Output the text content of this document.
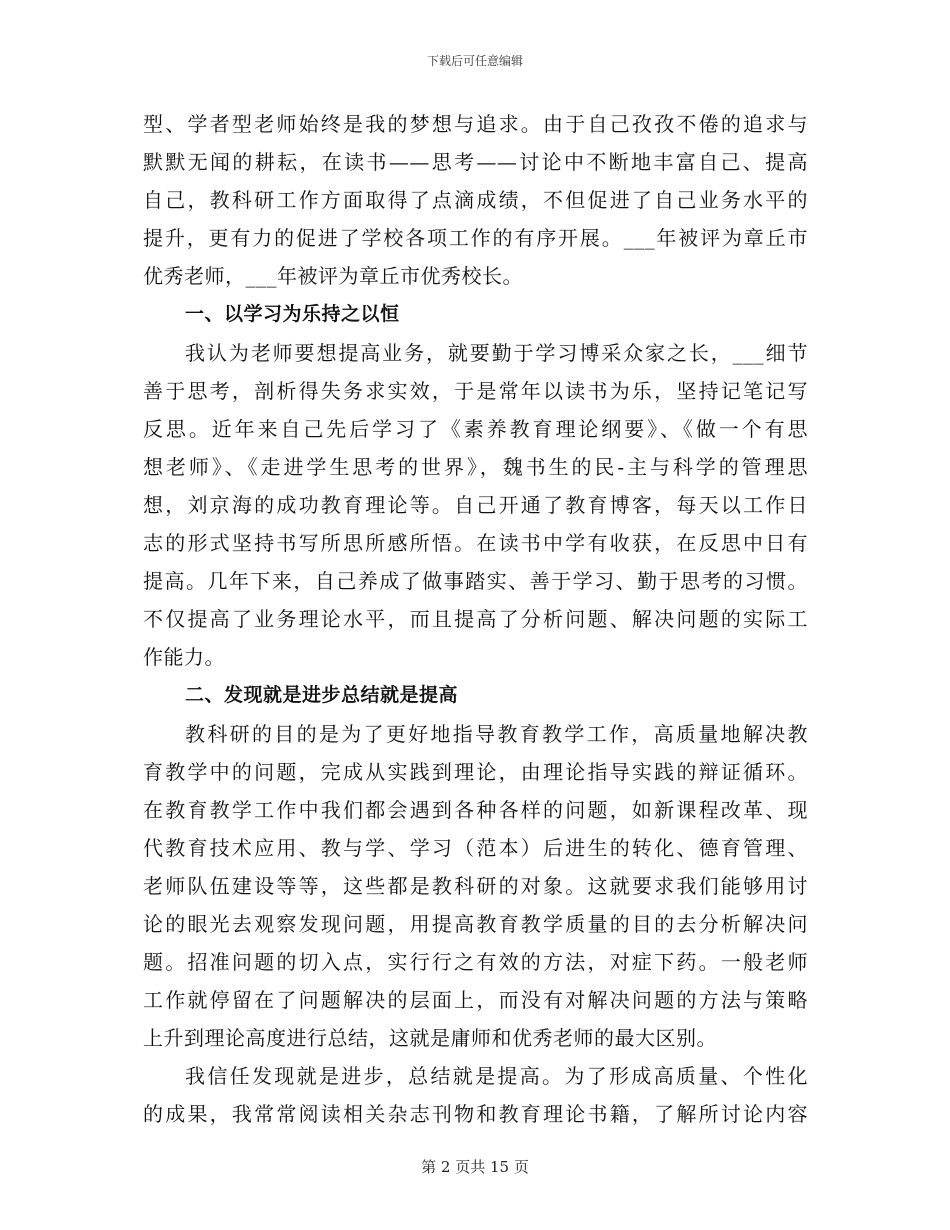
下载后可任意编辑
型、学者型老师始终是我的梦想与追求。由于自己孜孜不倦的追求与
默默无闻的耕耘，在读书——思考——讨论中不断地丰富自己、提高
自己，教科研工作方面取得了点滴成绩，不但促进了自己业务水平的
提升，更有力的促进了学校各项工作的有序开展。___年被评为章丘市
优秀老师，___年被评为章丘市优秀校长。
一、以学习为乐持之以恒
我认为老师要想提高业务，就要勤于学习博采众家之长，___细节
善于思考，剖析得失务求实效，于是常年以读书为乐，坚持记笔记写
反思。近年来自己先后学习了《素养教育理论纲要》、《做一个有思
想老师》、《走进学生思考的世界》，魏书生的民-主与科学的管理思
想，刘京海的成功教育理论等。自己开通了教育博客，每天以工作日
志的形式坚持书写所思所感所悟。在读书中学有收获，在反思中日有
提高。几年下来，自己养成了做事踏实、善于学习、勤于思考的习惯。
不仅提高了业务理论水平，而且提高了分析问题、解决问题的实际工
作能力。
二、发现就是进步总结就是提高
教科研的目的是为了更好地指导教育教学工作，高质量地解决教
育教学中的问题，完成从实践到理论，由理论指导实践的辩证循环。
在教育教学工作中我们都会遇到各种各样的问题，如新课程改革、现
代教育技术应用、教与学、学习（范本）后进生的转化、德育管理、
老师队伍建设等等，这些都是教科研的对象。这就要求我们能够用讨
论的眼光去观察发现问题，用提高教育教学质量的目的去分析解决问
题。招准问题的切入点，实行行之有效的方法，对症下药。一般老师
工作就停留在了问题解决的层面上，而没有对解决问题的方法与策略
上升到理论高度进行总结，这就是庸师和优秀老师的最大区别。
我信任发现就是进步，总结就是提高。为了形成高质量、个性化
的成果，我常常阅读相关杂志刊物和教育理论书籍，了解所讨论内容
第 2 页共 15 页
